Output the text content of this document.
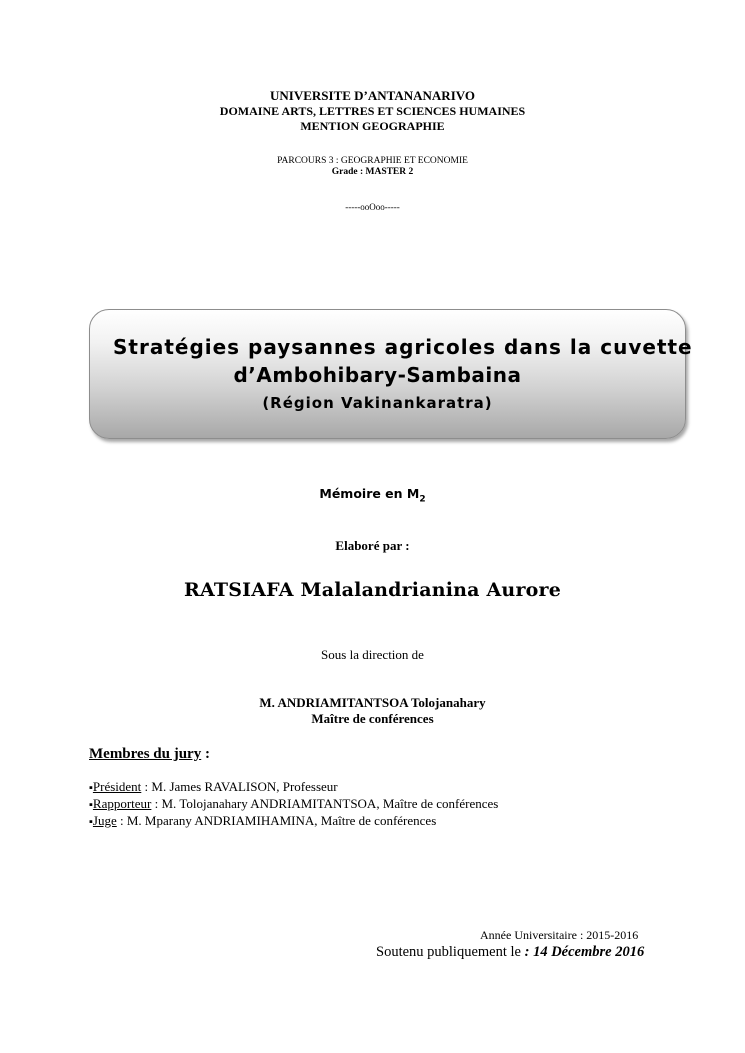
UNIVERSITE D’ANTANANARIVO
DOMAINE ARTS, LETTRES ET SCIENCES HUMAINES
MENTION GEOGRAPHIE
PARCOURS 3 : GEOGRAPHIE ET ECONOMIE
Grade : MASTER 2
-----ooOoo-----
Stratégies paysannes agricoles dans la cuvette
d’Ambohibary-Sambaina
(Région Vakinankaratra)
Mémoire en $M_2$
Elaboré par :
RATSIAFA Malalandrianina Aurore
Sous la direction de
M. ANDRIAMITANTSOA Tolojanahary
Maître de conférences
Membres du jury :
▪Président : M. James RAVALISON, Professeur
▪Rapporteur : M. Tolojanahary ANDRIAMITANTSOA, Maître de conférences
▪Juge : M. Mparany ANDRIAMIHAMINA, Maître de conférences
Année Universitaire : 2015-2016
Soutenu publiquement le : 14 Décembre 2016
